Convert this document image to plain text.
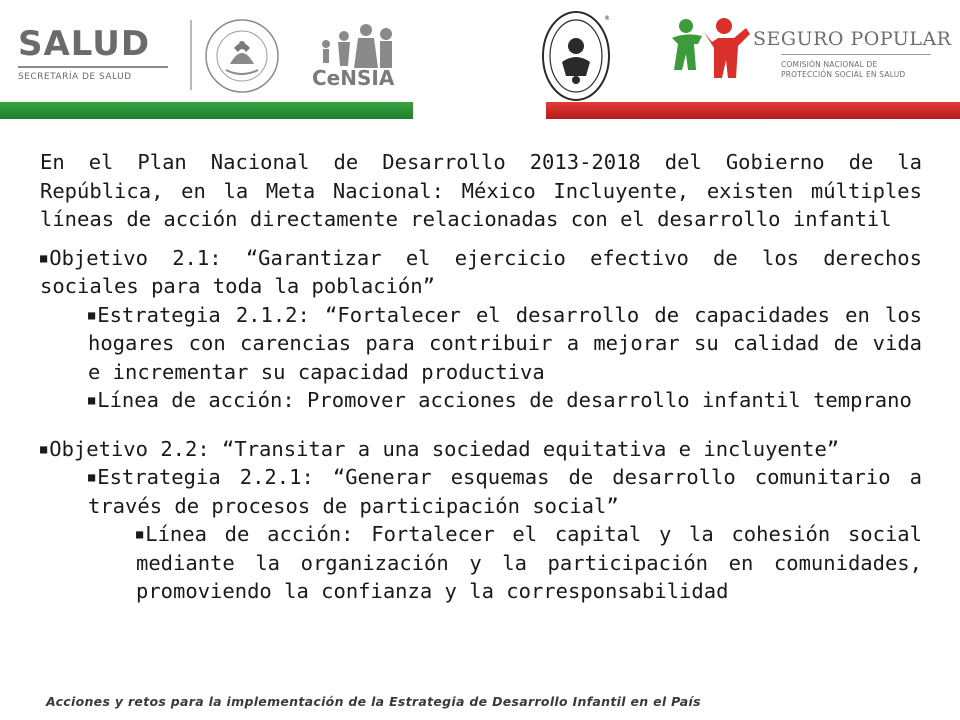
SALUD
SECRETARÍA DE SALUD	CeNSIA
®
SEGURO POPULAR
COMISIÓN NACIONAL DE
PROTECCIÓN SOCIAL EN SALUD
En el Plan Nacional de Desarrollo 2013-2018 del Gobierno de la República, en la Meta Nacional: México Incluyente, existen múltiples líneas de acción directamente relacionadas con el desarrollo infantil
■Objetivo 2.1: “Garantizar el ejercicio efectivo de los derechos sociales para toda la población”
■Estrategia 2.1.2: “Fortalecer el desarrollo de capacidades en los hogares con carencias para contribuir a mejorar su calidad de vida e incrementar su capacidad productiva
■Línea de acción: Promover acciones de desarrollo infantil temprano
■Objetivo 2.2: “Transitar a una sociedad equitativa e incluyente”
■Estrategia 2.2.1: “Generar esquemas de desarrollo comunitario a través de procesos de participación social”
■Línea de acción: Fortalecer el capital y la cohesión social mediante la organización y la participación en comunidades, promoviendo la confianza y la corresponsabilidad
Acciones y retos para la implementación de la Estrategia de Desarrollo Infantil en el País
